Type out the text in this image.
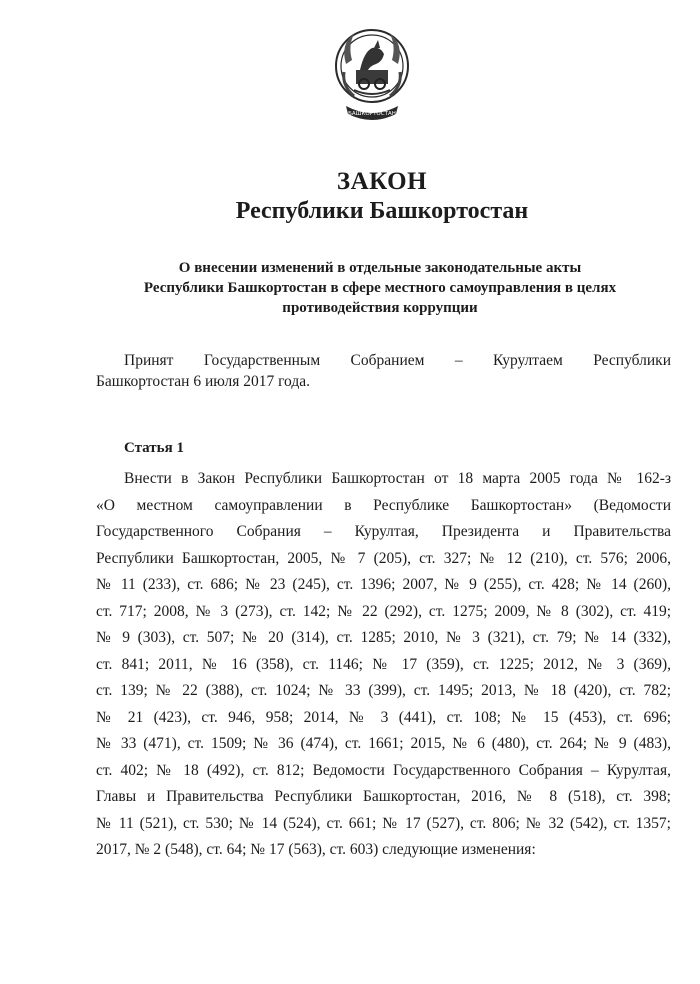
БАШКОРТОСТАН
ЗАКОН
Республики Башкортостан

О внесении изменений в отдельные законодательные акты
Республики Башкортостан в сфере местного самоуправления в целях
противодействия коррупции

Принят Государственным Собранием – Курултаем Республики
Башкортостан 6 июля 2017 года.

Статья 1

Внести в Закон Республики Башкортостан от 18 марта 2005 года № 162-з
«О местном самоуправлении в Республике Башкортостан» (Ведомости
Государственного Собрания – Курултая, Президента и Правительства
Республики Башкортостан, 2005, № 7 (205), ст. 327; № 12 (210), ст. 576; 2006,
№ 11 (233), ст. 686; № 23 (245), ст. 1396; 2007, № 9 (255), ст. 428; № 14 (260),
ст. 717; 2008, № 3 (273), ст. 142; № 22 (292), ст. 1275; 2009, № 8 (302), ст. 419;
№ 9 (303), ст. 507; № 20 (314), ст. 1285; 2010, № 3 (321), ст. 79; № 14 (332),
ст. 841; 2011, № 16 (358), ст. 1146; № 17 (359), ст. 1225; 2012, № 3 (369),
ст. 139; № 22 (388), ст. 1024; № 33 (399), ст. 1495; 2013, № 18 (420), ст. 782;
№ 21 (423), ст. 946, 958; 2014, № 3 (441), ст. 108; № 15 (453), ст. 696;
№ 33 (471), ст. 1509; № 36 (474), ст. 1661; 2015, № 6 (480), ст. 264; № 9 (483),
ст. 402; № 18 (492), ст. 812; Ведомости Государственного Собрания – Курултая,
Главы и Правительства Республики Башкортостан, 2016, № 8 (518), ст. 398;
№ 11 (521), ст. 530; № 14 (524), ст. 661; № 17 (527), ст. 806; № 32 (542), ст. 1357;
2017, № 2 (548), ст. 64; № 17 (563), ст. 603) следующие изменения:
